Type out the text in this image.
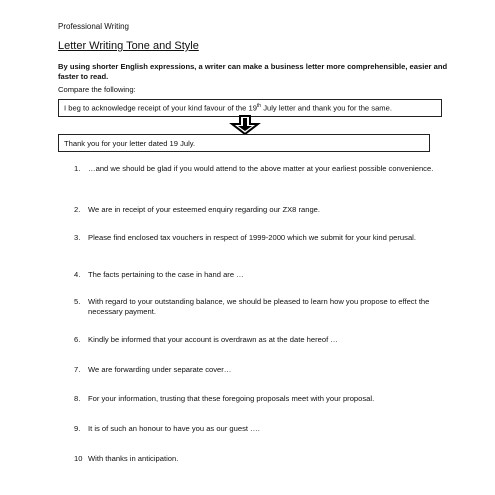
Professional Writing
Letter Writing Tone and Style
By using shorter English expressions, a writer can make a business letter more comprehensible, easier and faster to read.
Compare the following:
I beg to acknowledge receipt of your kind favour of the 19th July letter and thank you for the same.
Thank you for your letter dated 19 July.
1.	…and we should be glad if you would attend to the above matter at your earliest possible convenience.
2.	We are in receipt of your esteemed enquiry regarding our ZX8 range.
3.	Please find enclosed tax vouchers in respect of 1999-2000 which we submit for your kind perusal.
4.	The facts pertaining to the case in hand are …
5.	With regard to your outstanding balance, we should be pleased to learn how you propose to effect the necessary payment.
6.	Kindly be informed that your account is overdrawn as at the date hereof …
7.	We are forwarding under separate cover…
8.	For your information, trusting that these foregoing proposals meet with your proposal.
9.	It is of such an honour to have you as our guest ….
10 With thanks in anticipation.
